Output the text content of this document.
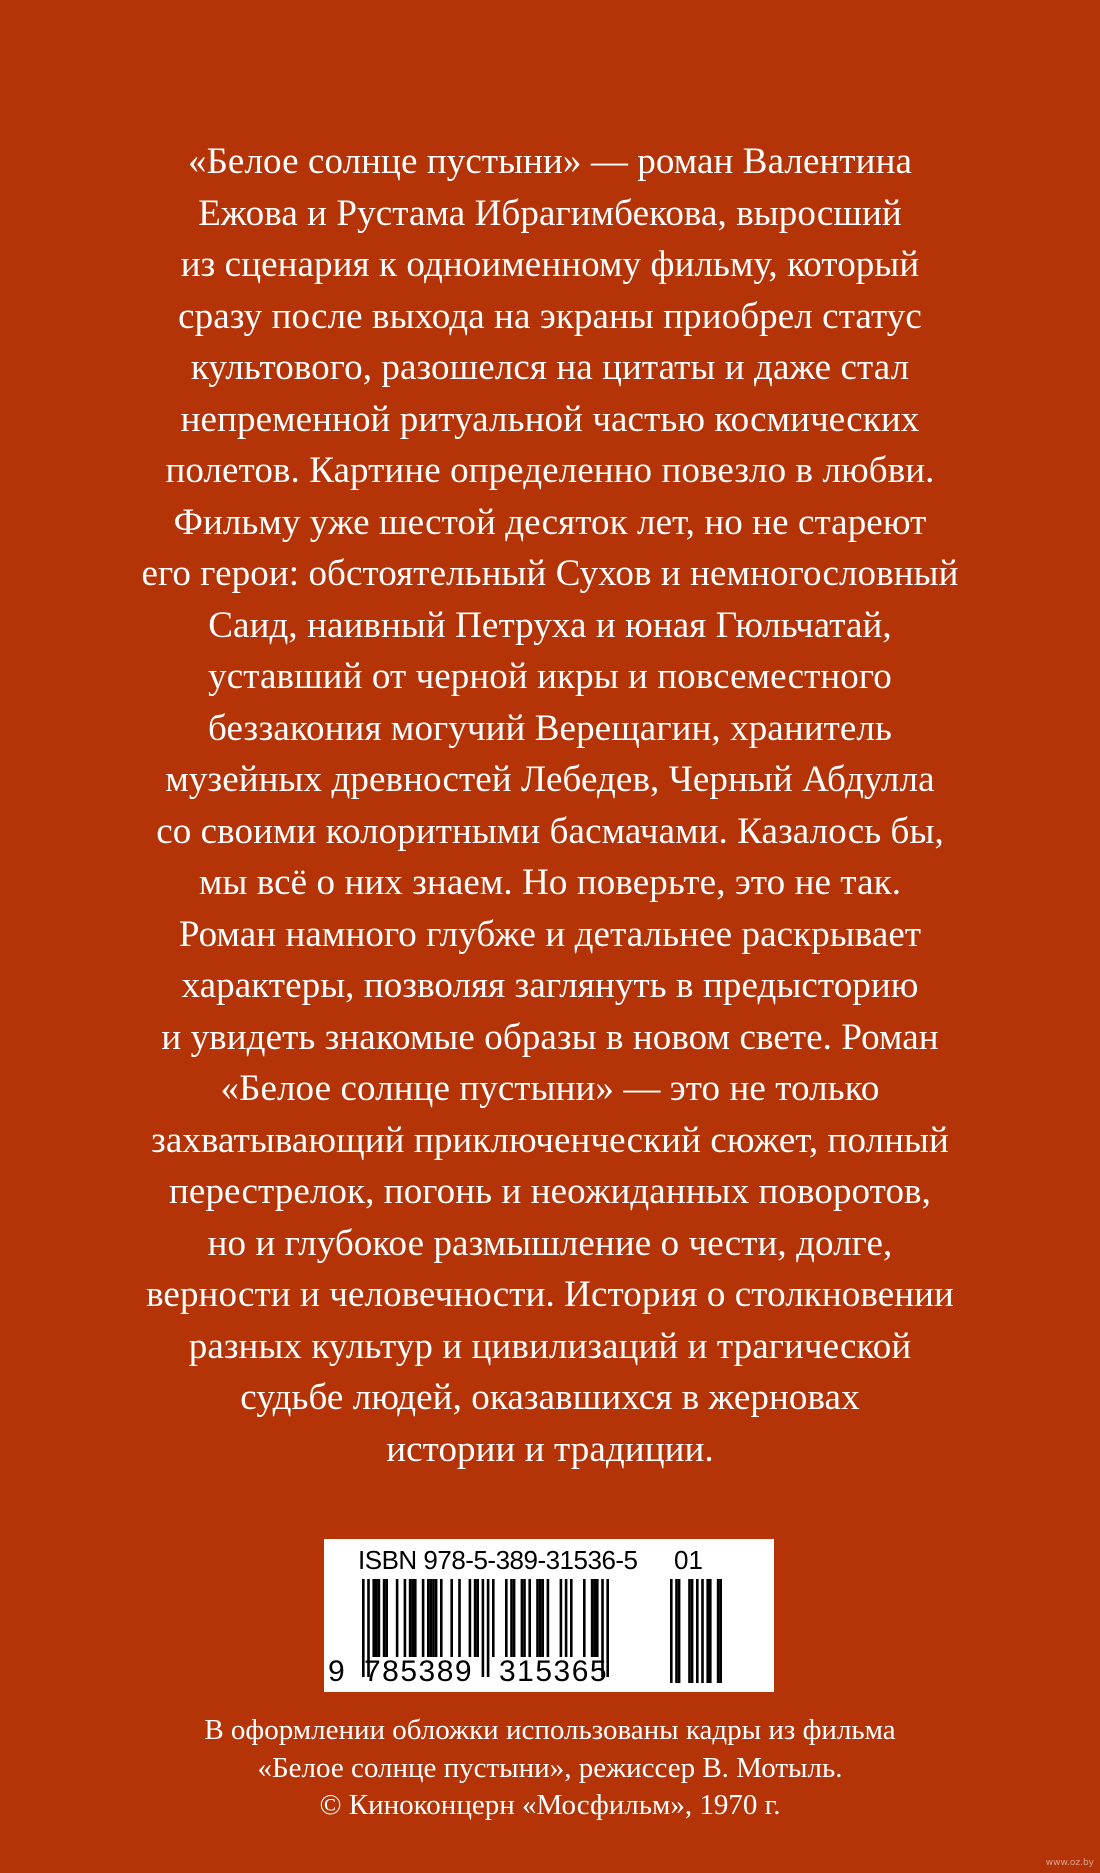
«Белое солнце пустыни» — роман Валентина
Ежова и Рустама Ибрагимбекова, выросший
из сценария к одноименному фильму, который
сразу после выхода на экраны приобрел статус
культового, разошелся на цитаты и даже стал
непременной ритуальной частью космических
полетов. Картине определенно повезло в любви.
Фильму уже шестой десяток лет, но не стареют
его герои: обстоятельный Сухов и немногословный
Саид, наивный Петруха и юная Гюльчатай,
уставший от черной икры и повсеместного
беззакония могучий Верещагин, хранитель
музейных древностей Лебедев, Черный Абдулла
со своими колоритными басмачами. Казалось бы,
мы всё о них знаем. Но поверьте, это не так.
Роман намного глубже и детальнее раскрывает
характеры, позволяя заглянуть в предысторию
и увидеть знакомые образы в новом свете. Роман
«Белое солнце пустыни» — это не только
захватывающий приключенческий сюжет, полный
перестрелок, погонь и неожиданных поворотов,
но и глубокое размышление о чести, долге,
верности и человечности. История о столкновении
разных культур и цивилизаций и трагической
судьбе людей, оказавшихся в жерновах
истории и традиции.
ISBN 978-5-389-31536-5 01
9 785389 315365
В оформлении обложки использованы кадры из фильма
«Белое солнце пустыни», режиссер В. Мотыль.
© Киноконцерн «Мосфильм», 1970 г.
www.oz.by
